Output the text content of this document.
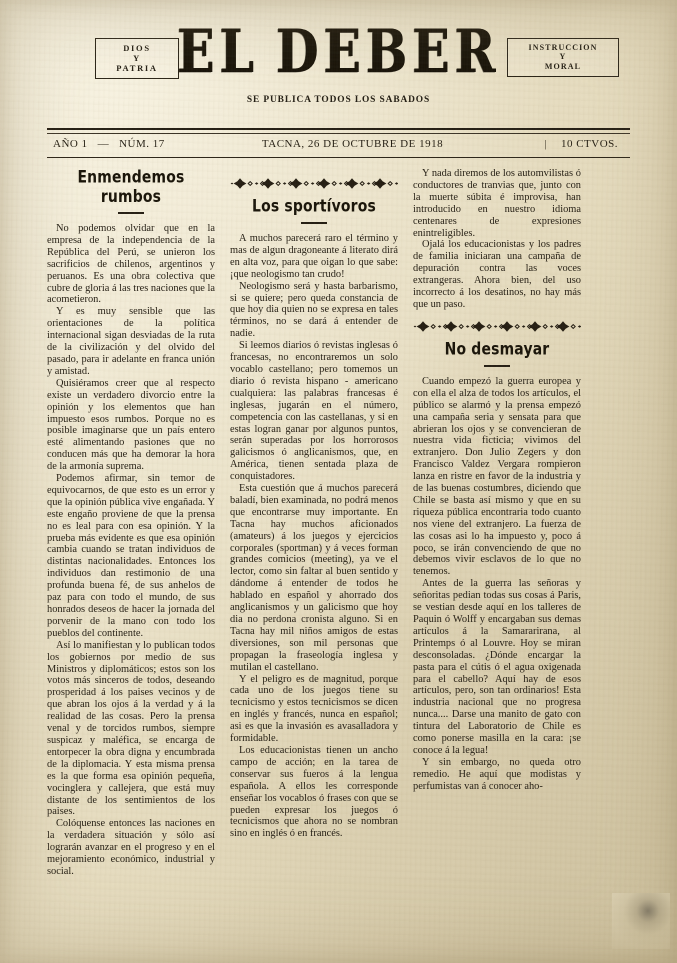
DIOS
Y
PATRIA EL DEBER	INSTRUCCION
Y
MORAL
SE PUBLICA TODOS LOS SABADOS
AÑO 1 — NÚM. 17	TACNA, 26 DE OCTUBRE DE 1918	|	10 CTVOS.
Enmendemos rumbos

No podemos olvidar que en la empresa de la independencia de la República del Perú, se unieron los sacrificios de chilenos, argentinos y peruanos. Es una obra colectiva que cubre de gloria á las tres naciones que la acometieron.

Y es muy sensible que las orientaciones de la política internacional sigan desviadas de la ruta de la civilización y del olvido del pasado, para ir adelante en franca unión y amistad.

Quisiéramos creer que al respecto existe un verdadero divorcio entre la opinión y los elementos que han impuesto esos rumbos. Porque no es posible imaginarse que un país entero esté alimentando pasiones que no conducen más que ha demorar la hora de la armonía suprema.

Podemos afirmar, sin temor de equivocarnos, de que esto es un error y que la opinión pública vive engañada. Y este engaño proviene de que la prensa no es leal para con esa opinión. Y la prueba más evidente es que esa opinión cambia cuando se tratan individuos de distintas nacionalidades. Entonces los individuos dan restimonio de una profunda buena fé, de sus anhelos de paz para con todo el mundo, de sus honrados deseos de hacer la jornada del porvenir de la mano con todo los pueblos del continente.

Así lo manifiestan y lo publican todos los gobiernos por medio de sus Ministros y diplomáticos; estos son los votos más sinceros de todos, deseando prosperidad á los paises vecinos y de que abran los ojos á la verdad y á la realidad de las cosas. Pero la prensa venal y de torcidos rumbos, siempre suspicaz y maléfica, se encarga de entorpecer la obra digna y encumbrada de la diplomacia. Y esta misma prensa es la que forma esa opinión pequeña, vocinglera y callejera, que está muy distante de los sentimientos de los paises.

Colóquense entonces las naciones en la verdadera situación y sólo así lograrán avanzar en el progreso y en el mejoramiento económico, industrial y social.

Los sportívoros

A muchos parecerá raro el término y mas de algun dragoneante á literato dirá en alta voz, para que oigan lo que sabe: ¡que neologismo tan crudo!

Neologismo será y hasta barbarismo, si se quiere; pero queda constancia de que hoy dia quien no se expresa en tales términos, no se dará á entender de nadie.

Si leemos diarios ó revistas inglesas ó francesas, no encontraremos un solo vocablo castellano; pero tomemos un diario ó revista hispano - americano cualquiera: las palabras francesas é inglesas, jugarán en el número, competencia con las castellanas, y si en estas logran ganar por algunos puntos, serán superadas por los horrorosos galicismos ó anglicanismos, que, en América, tienen sentada plaza de conquistadores.

Esta cuestión que á muchos parecerá baladí, bien examinada, no podrá menos que encontrarse muy importante. En Tacna hay muchos aficionados (amateurs) á los juegos y ejercicios corporales (sportman) y á veces forman grandes comicios (meeting), ya ve el lector, como sin faltar al buen sentido y dándome á entender de todos he hablado en español y ahorrado dos anglicanismos y un galicismo que hoy dia no perdona cronista alguno. Si en Tacna hay mil niños amigos de estas diversiones, son mil personas que propagan la fraseología inglesa y mutilan el castellano.

Y el peligro es de magnitud, porque cada uno de los juegos tiene su tecnicismo y estos tecnicismos se dicen en inglés y francés, nunca en español; asi es que la invasión es avasalladora y formidable.

Los educacionistas tienen un ancho campo de acción; en la tarea de conservar sus fueros á la lengua española. A ellos les corresponde enseñar los vocablos ó frases con que se pueden expresar los juegos ó tecnicismos que ahora no se nombran sino en inglés ó en francés.

Y nada diremos de los automvilistas ó conductores de tranvias que, junto con la muerte súbita é improvisa, han introducido en nuestro idioma centenares de expresiones enintreligibles.

Ojalá los educacionistas y los padres de familia iniciaran una campaña de depuración contra las voces extrangeras. Ahora bien, del uso incorrecto á los desatinos, no hay más que un paso.

No desmayar

Cuando empezó la guerra europea y con ella el alza de todos los artículos, el público se alarmó y la prensa empezó una campaña seria y sensata para que abrieran los ojos y se convencieran de nuestra vida ficticia; vivimos del extranjero. Don Julio Zegers y don Francisco Valdez Vergara rompieron lanza en ristre en favor de la industria y de las buenas costumbres, diciendo que Chile se basta así mismo y que en su riqueza pública encontraria todo cuanto nos viene del extranjero. La fuerza de las cosas asi lo ha impuesto y, poco á poco, se irán convenciendo de que no debemos vivir esclavos de lo que no tenemos.

Antes de la guerra las señoras y señoritas pedian todas sus cosas á Paris, se vestian desde aquí en los talleres de Paquin ó Wolff y encargaban sus demas artículos á la Samararirana, al Printemps ó al Louvre. Hoy se miran desconsoladas. ¿Dónde encargar la pasta para el cútis ó el agua oxigenada para el cabello? Aquí hay de esos artículos, pero, son tan ordinarios! Esta industria nacional que no progresa nunca.... Darse una manito de gato con tintura del Laboratorio de Chile es como ponerse masilla en la cara: ¡se conoce á la legua!

Y sin embargo, no queda otro remedio. He aquí que modistas y perfumistas van á conocer aho-
